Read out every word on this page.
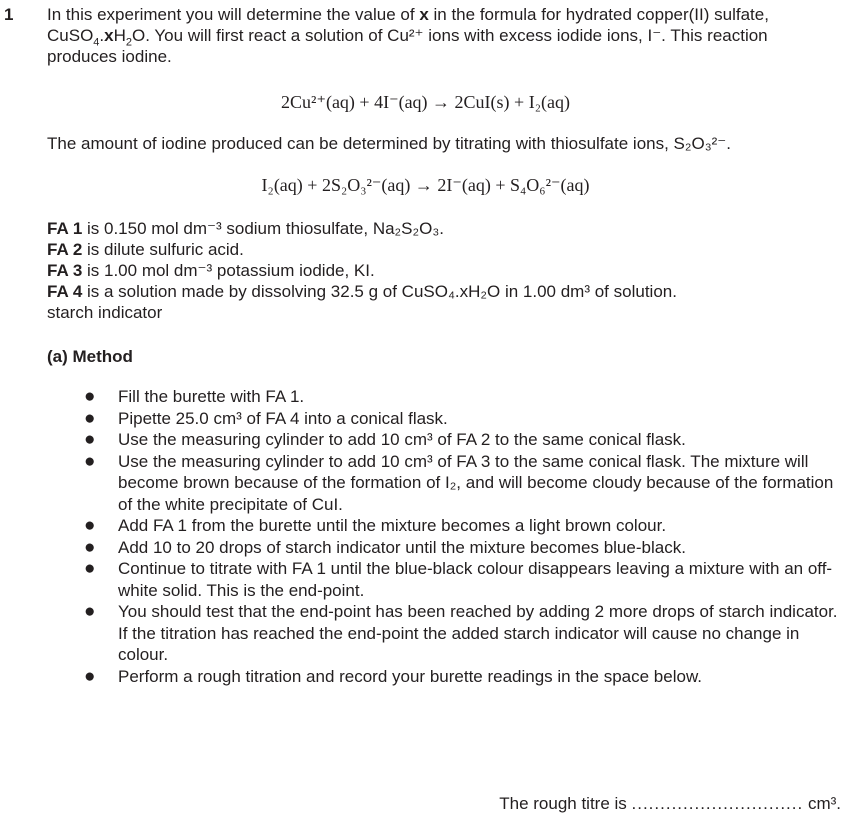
1 In this experiment you will determine the value of x in the formula for hydrated copper(II) sulfate,
$CuSO_4.xH_2O$. You will first react a solution of Cu²⁺ ions with excess iodide ions, I⁻. This reaction produces iodine.
2Cu²⁺(aq) + 4I⁻(aq) → 2CuI(s) + I₂(aq)
The amount of iodine produced can be determined by titrating with thiosulfate ions, S₂O₃²⁻.
I₂(aq) + 2S₂O₃²⁻(aq) → 2I⁻(aq) + S₄O₆²⁻(aq)
FA 1 is 0.150 mol dm⁻³ sodium thiosulfate, Na₂S₂O₃.
FA 2 is dilute sulfuric acid.
FA 3 is 1.00 mol dm⁻³ potassium iodide, KI.
FA 4 is a solution made by dissolving 32.5 g of CuSO₄.xH₂O in 1.00 dm³ of solution.
starch indicator
(a) Method
● Fill the burette with FA 1.
● Pipette 25.0 cm³ of FA 4 into a conical flask.
● Use the measuring cylinder to add 10 cm³ of FA 2 to the same conical flask.
● Use the measuring cylinder to add 10 cm³ of FA 3 to the same conical flask. The mixture will become brown because of the formation of I₂, and will become cloudy because of the formation of the white precipitate of CuI.
● Add FA 1 from the burette until the mixture becomes a light brown colour.
● Add 10 to 20 drops of starch indicator until the mixture becomes blue-black.
● Continue to titrate with FA 1 until the blue-black colour disappears leaving a mixture with an off-white solid. This is the end-point.
● You should test that the end-point has been reached by adding 2 more drops of starch indicator. If the titration has reached the end-point the added starch indicator will cause no change in colour.
● Perform a rough titration and record your burette readings in the space below.
The rough titre is .............................. cm³.
